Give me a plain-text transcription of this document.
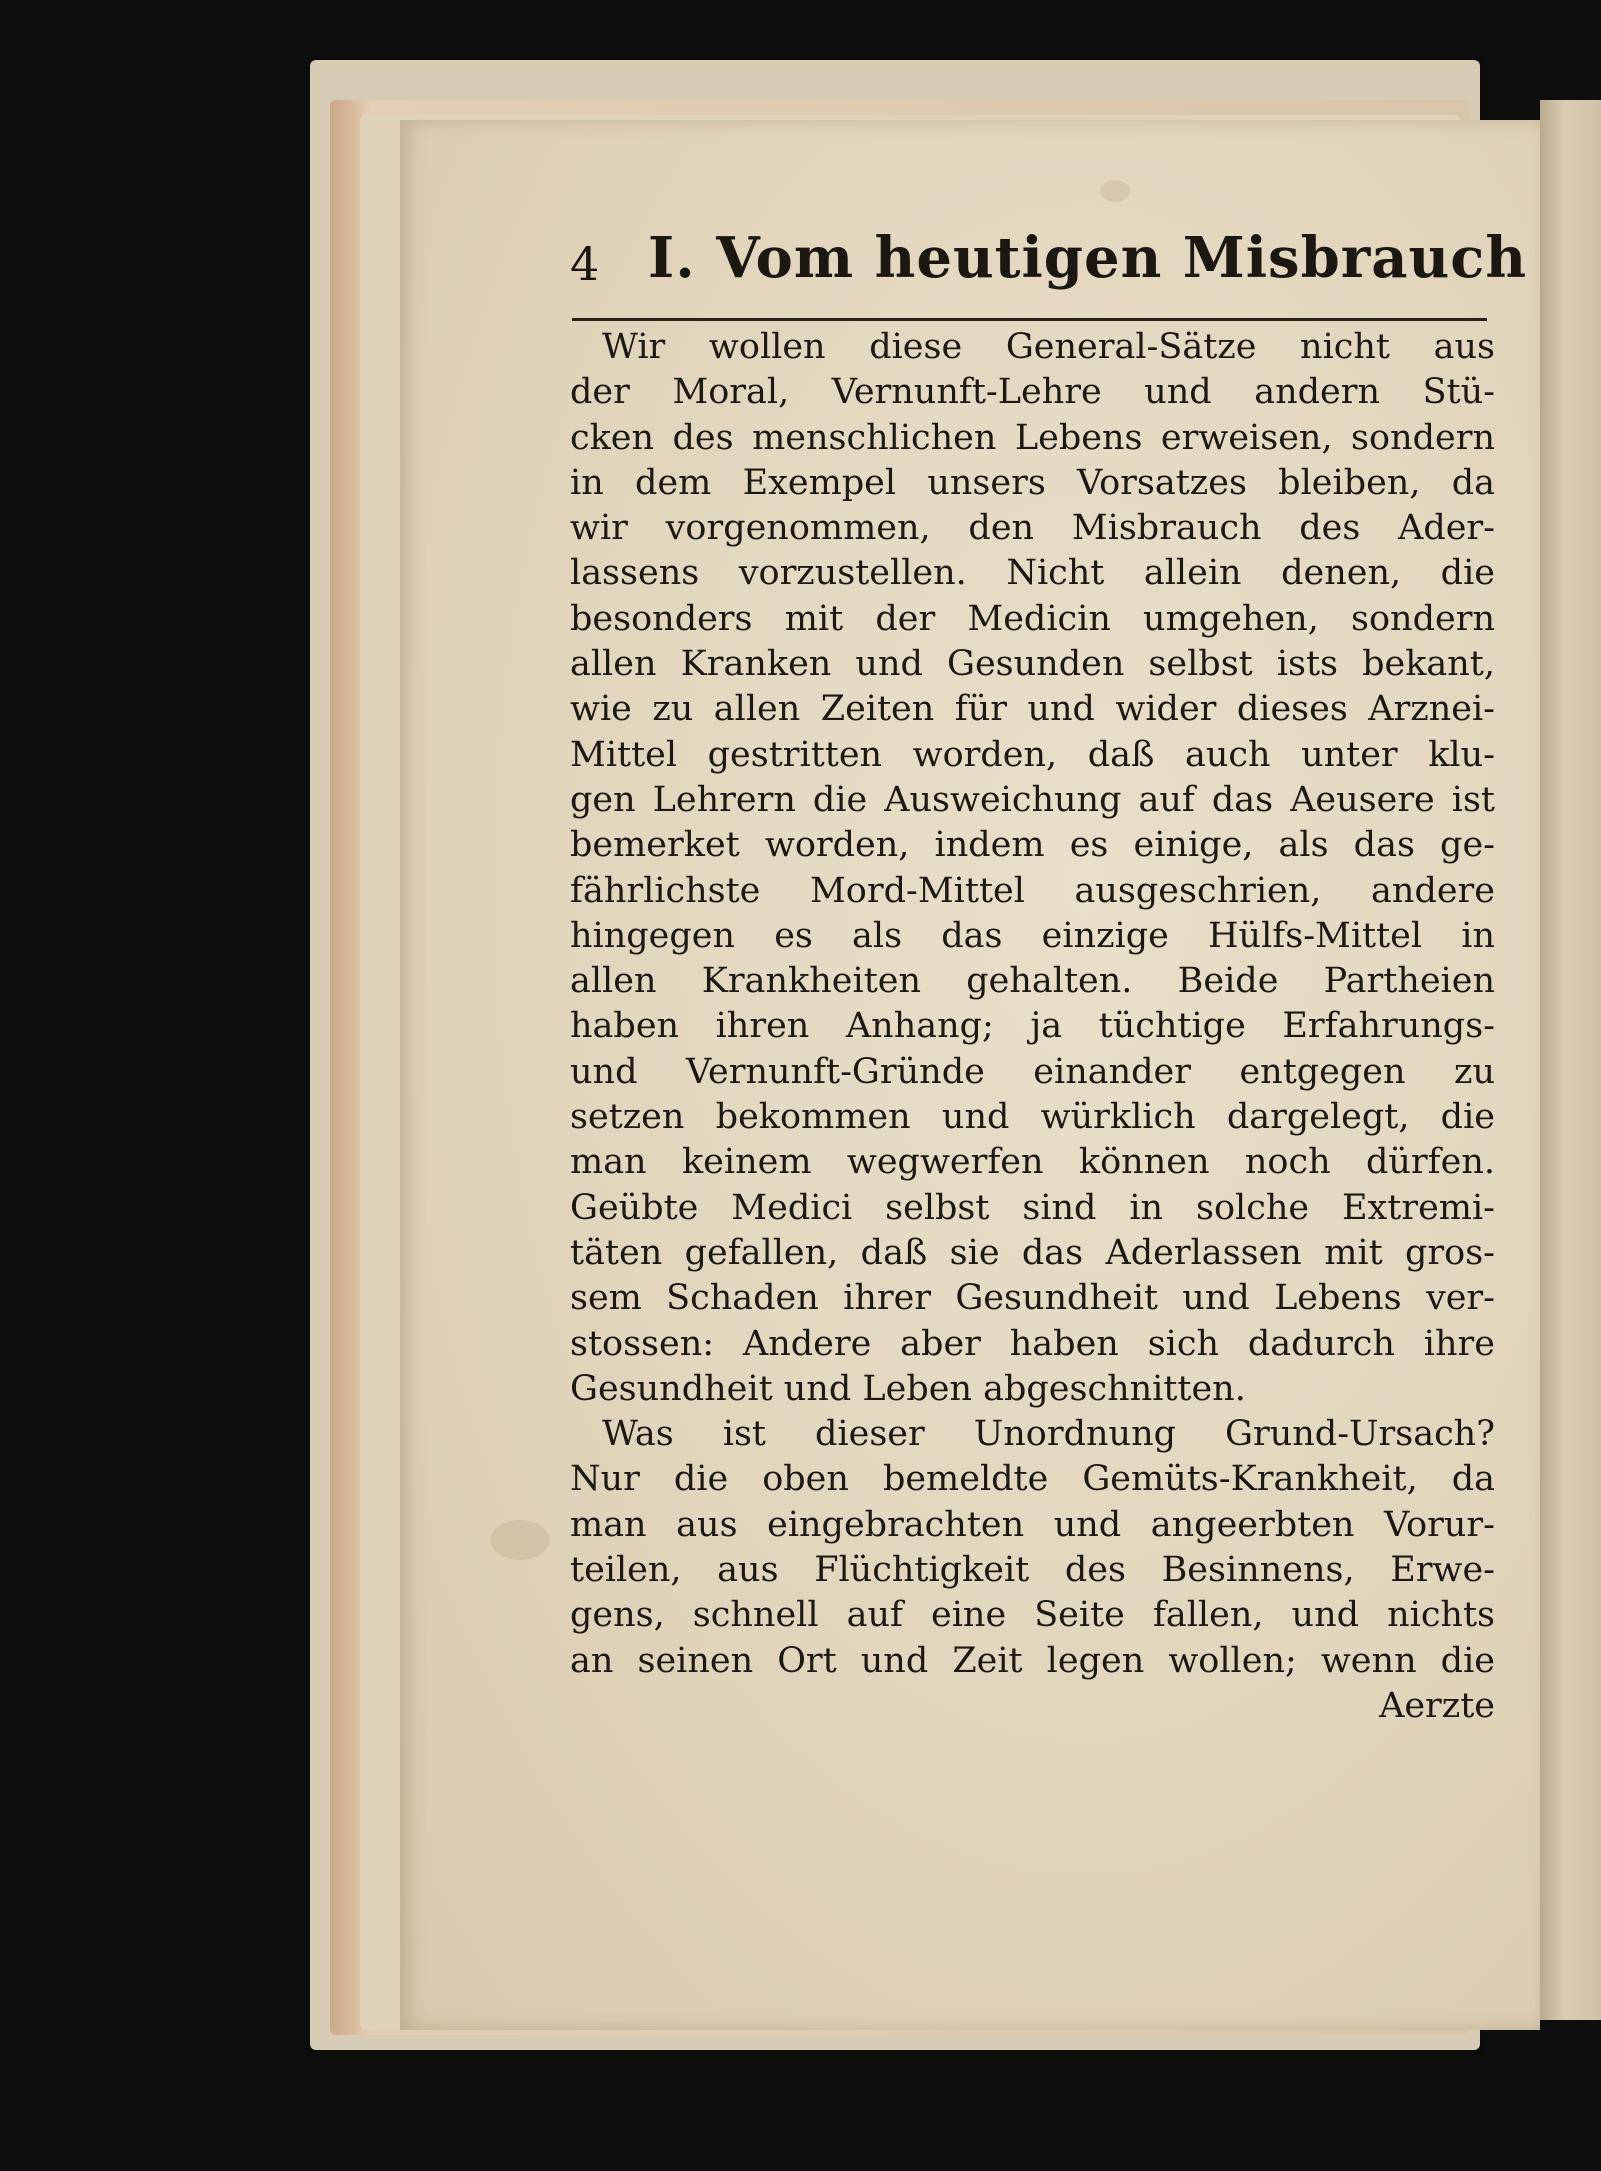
4 I. Vom heutigen Misbrauch
Wir wollen diese General-Sätze nicht aus
der Moral, Vernunft-Lehre und andern Stü-
cken des menschlichen Lebens erweisen, sondern
in dem Exempel unsers Vorsatzes bleiben, da
wir vorgenommen, den Misbrauch des Ader-
lassens vorzustellen. Nicht allein denen, die
besonders mit der Medicin umgehen, sondern
allen Kranken und Gesunden selbst ists bekant,
wie zu allen Zeiten für und wider dieses Arznei-
Mittel gestritten worden, daß auch unter klu-
gen Lehrern die Ausweichung auf das Aeusere ist
bemerket worden, indem es einige, als das ge-
fährlichste Mord-Mittel ausgeschrien, andere
hingegen es als das einzige Hülfs-Mittel in
allen Krankheiten gehalten. Beide Partheien
haben ihren Anhang; ja tüchtige Erfahrungs-
und Vernunft-Gründe einander entgegen zu
setzen bekommen und würklich dargelegt, die
man keinem wegwerfen können noch dürfen.
Geübte Medici selbst sind in solche Extremi-
täten gefallen, daß sie das Aderlassen mit gros-
sem Schaden ihrer Gesundheit und Lebens ver-
stossen: Andere aber haben sich dadurch ihre
Gesundheit und Leben abgeschnitten.
Was ist dieser Unordnung Grund-Ursach?
Nur die oben bemeldte Gemüts-Krankheit, da
man aus eingebrachten und angeerbten Vorur-
teilen, aus Flüchtigkeit des Besinnens, Erwe-
gens, schnell auf eine Seite fallen, und nichts
an seinen Ort und Zeit legen wollen; wenn die
Aerzte
